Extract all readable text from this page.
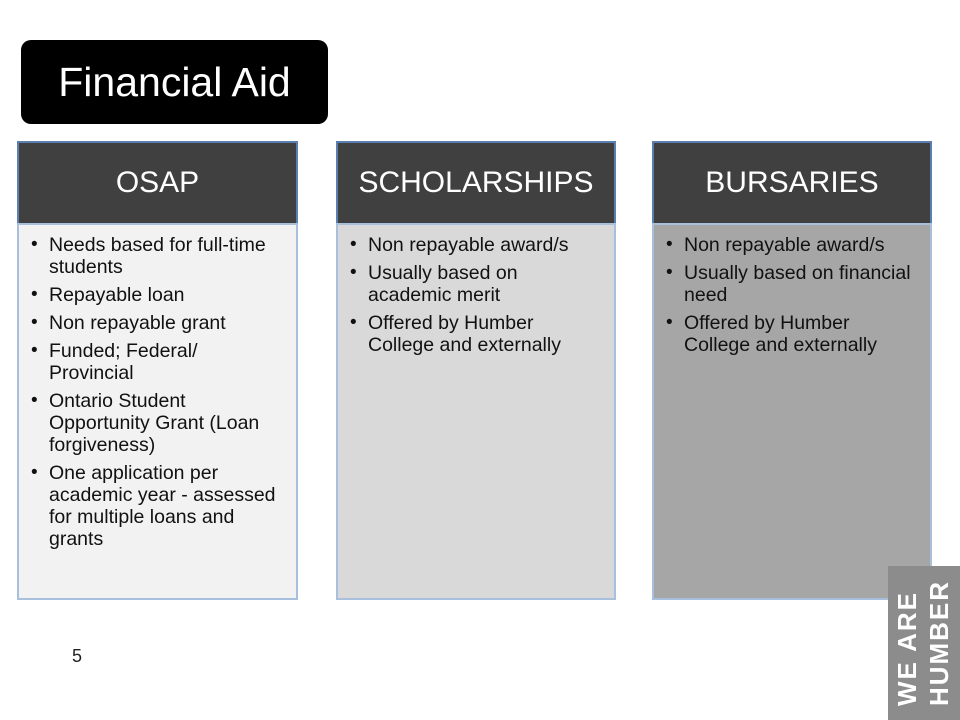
Financial Aid
OSAP
• Needs based for full-time students
• Repayable loan
• Non repayable grant
• Funded; Federal/ Provincial
• Ontario Student Opportunity Grant (Loan forgiveness)
• One application per academic year - assessed for multiple loans and grants
SCHOLARSHIPS
• Non repayable award/s
• Usually based on academic merit
• Offered by Humber College and externally
BURSARIES
• Non repayable award/s
• Usually based on financial need
• Offered by Humber College and externally
5	WE ARE HUMBER
